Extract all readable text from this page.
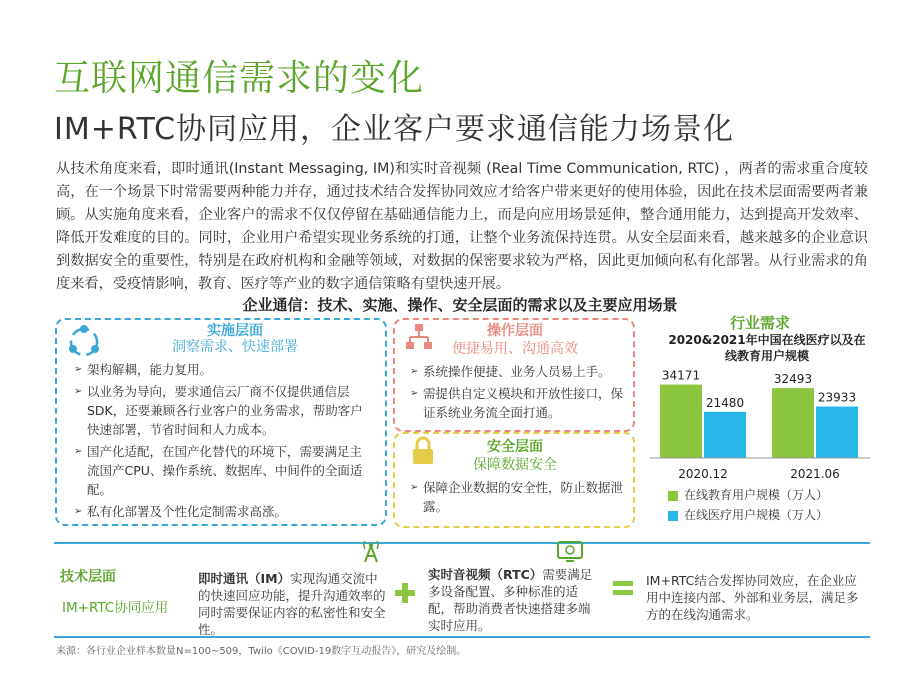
互联网通信需求的变化
IM+RTC协同应用，企业客户要求通信能力场景化
从技术角度来看，即时通讯(Instant Messaging, IM)和实时音视频 (Real Time Communication, RTC) ，两者的需求重合度较高，在一个场景下时常需要两种能力并存，通过技术结合发挥协同效应才给客户带来更好的使用体验，因此在技术层面需要两者兼顾。从实施角度来看，企业客户的需求不仅仅停留在基础通信能力上，而是向应用场景延伸，整合通用能力，达到提高开发效率、降低开发难度的目的。同时，企业用户希望实现业务系统的打通，让整个业务流保持连贯。从安全层面来看，越来越多的企业意识到数据安全的重要性，特别是在政府机构和金融等领域，对数据的保密要求较为严格，因此更加倾向私有化部署。从行业需求的角度来看，受疫情影响，教育、医疗等产业的数字通信策略有望快速开展。
企业通信：技术、实施、操作、安全层面的需求以及主要应用场景
实施层面
洞察需求、快速部署
➢ 架构解耦，能力复用。
➢ 以业务为导向，要求通信云厂商不仅提供通信层SDK，还要兼顾各行业客户的业务需求，帮助客户快速部署，节省时间和人力成本。
➢ 国产化适配，在国产化替代的环境下，需要满足主流国产CPU、操作系统、数据库、中间件的全面适配。
➢ 私有化部署及个性化定制需求高涨。
操作层面
便捷易用、沟通高效
➢ 系统操作便捷、业务人员易上手。
➢ 需提供自定义模块和开放性接口，保证系统业务流全面打通。
安全层面
保障数据安全
➢ 保障企业数据的安全性，防止数据泄露。
行业需求
2020&2021年中国在线医疗以及在线教育用户规模
34171
21480
2020.12
32493
23933
2021.06
在线教育用户规模（万人）
在线医疗用户规模（万人）
技术层面
IM+RTC协同应用
即时通讯（IM）实现沟通交流中的快速回应功能，提升沟通效率的同时需要保证内容的私密性和安全性。
实时音视频（RTC）需要满足多设备配置、多种标准的适配，帮助消费者快速搭建多端实时应用。
IM+RTC结合发挥协同效应，在企业应用中连接内部、外部和业务层，满足多方的在线沟通需求。
来源：各行业企业样本数量N=100~509，Twilo《COVID-19数字互动报告》，研究及绘制。
